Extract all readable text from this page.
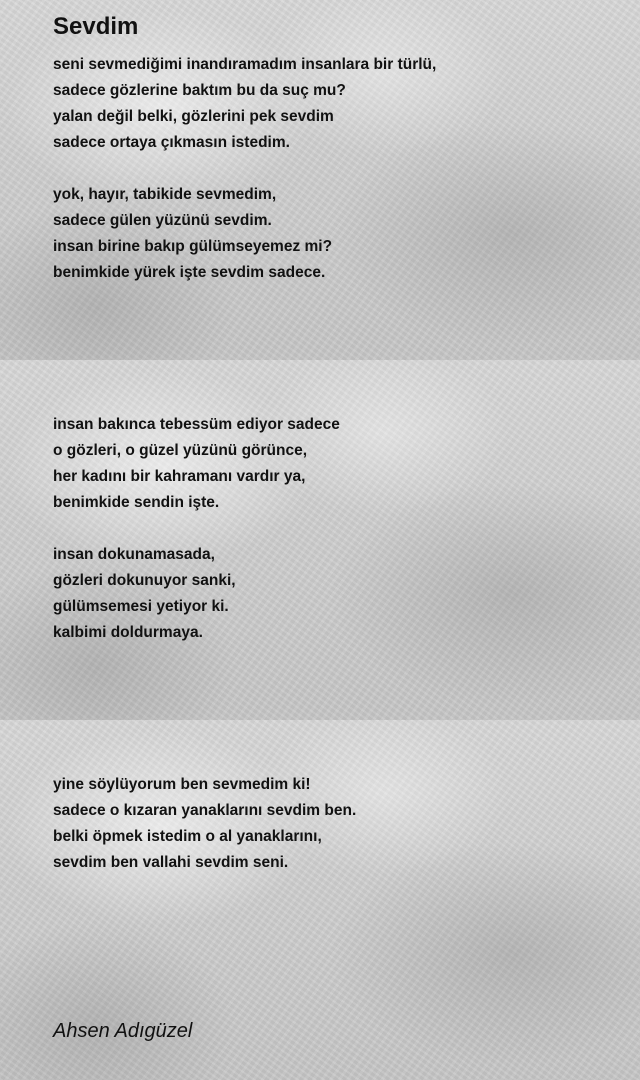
Sevdim
seni sevmediğimi inandıramadım insanlara bir türlü,
sadece gözlerine baktım bu da suç mu?
yalan değil belki, gözlerini pek sevdim
sadece ortaya çıkmasın istedim.
yok, hayır, tabikide sevmedim,
sadece gülen yüzünü sevdim.
insan birine bakıp gülümseyemez mi?
benimkide yürek işte sevdim sadece.
insan bakınca tebessüm ediyor sadece
o gözleri, o güzel yüzünü görünce,
her kadını bir kahramanı vardır ya,
benimkide sendin işte.
insan dokunamasada,
gözleri dokunuyor sanki,
gülümsemesi yetiyor ki.
kalbimi doldurmaya.
yine söylüyorum ben sevmedim ki!
sadece o kızaran yanaklarını sevdim ben.
belki öpmek istedim o al yanaklarını,
sevdim ben vallahi sevdim seni.
Ahsen Adıgüzel
